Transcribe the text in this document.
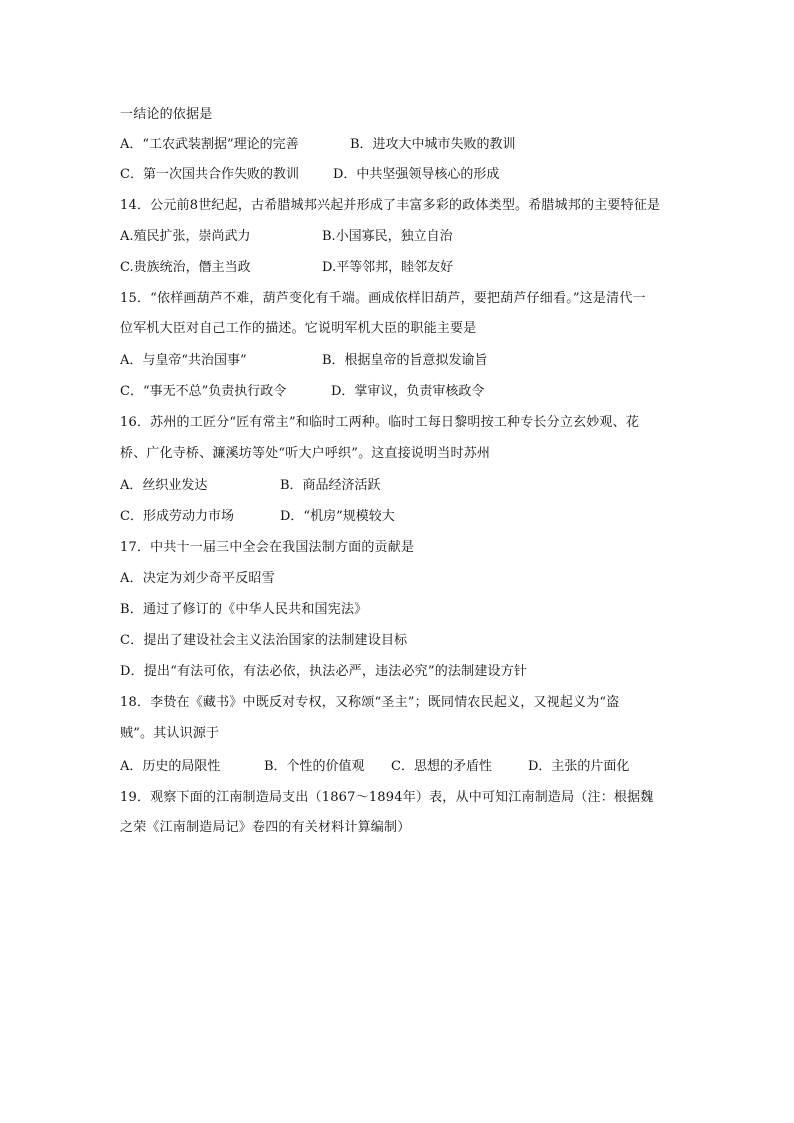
一结论的依据是
A．“工农武装割据”理论的完善	B．进攻大中城市失败的教训
C．第一次国共合作失败的教训	D．中共坚强领导核心的形成
14．公元前8世纪起，古希腊城邦兴起并形成了丰富多彩的政体类型。希腊城邦的主要特征是
A.殖民扩张，崇尚武力	B.小国寡民，独立自治
C.贵族统治，僭主当政	D.平等邻邦，睦邻友好
15．“依样画葫芦不难，葫芦变化有千端。画成依样旧葫芦，要把葫芦仔细看。”这是清代一
位军机大臣对自己工作的描述。它说明军机大臣的职能主要是
A．与皇帝“共治国事”	B．根据皇帝的旨意拟发谕旨
C．“事无不总”负责执行政令	D．掌审议，负责审核政令
16．苏州的工匠分“匠有常主”和临时工两种。临时工每日黎明按工种专长分立玄妙观、花
桥、广化寺桥、濂溪坊等处“听大户呼织”。这直接说明当时苏州
A．丝织业发达	B．商品经济活跃
C．形成劳动力市场	D．“机房”规模较大
17．中共十一届三中全会在我国法制方面的贡献是
A．决定为刘少奇平反昭雪
B．通过了修订的《中华人民共和国宪法》
C．提出了建设社会主义法治国家的法制建设目标
D．提出“有法可依，有法必依，执法必严，违法必究”的法制建设方针
18．李贽在《藏书》中既反对专权，又称颂“圣主”；既同情农民起义，又视起义为“盗
贼”。其认识源于
A．历史的局限性	B．个性的价值观 C．思想的矛盾性	D．主张的片面化
19．观察下面的江南制造局支出（1867～1894年）表，从中可知江南制造局（注：根据魏
之荣《江南制造局记》卷四的有关材料计算编制）
